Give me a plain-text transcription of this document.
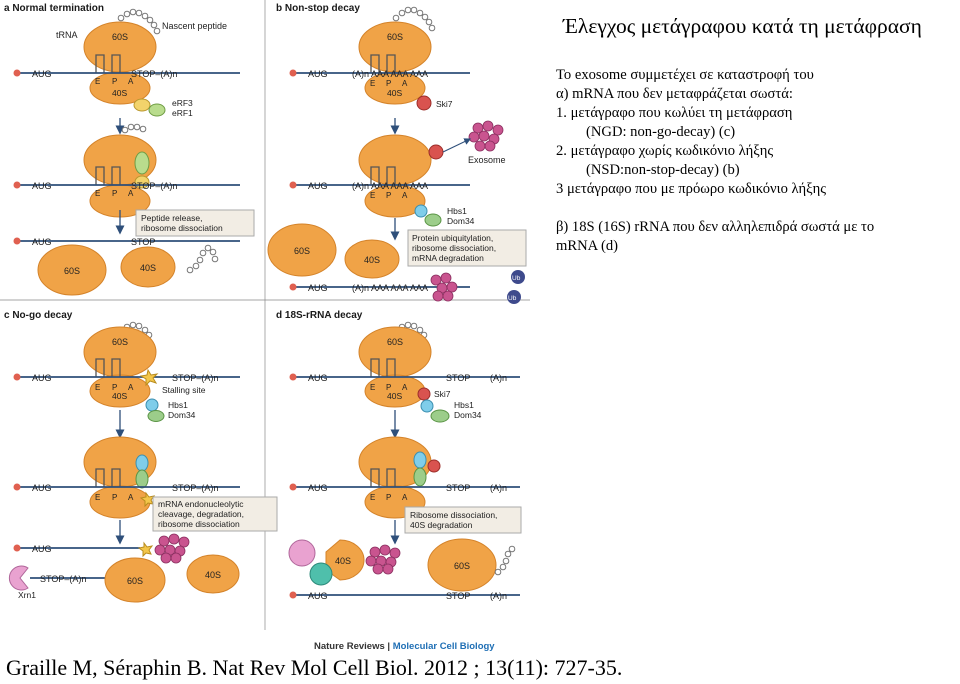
a Normal termination
tRNA
Nascent peptide
60S
40S
E P A
AUG	STOP–(A)n
eRF3
eRF1
AUG	STOP–(A)n
E P A
Peptide release,
ribosome dissociation
AUG	STOP
60S	40S
b Non-stop decay
60S
40S
AUG	(A)n AAA AAA AAA
E P A
Ski7
Exosome
AUG	(A)n AAA AAA AAA
E P A
Hbs1
Dom34
Protein ubiquitylation,
ribosome dissociation,
mRNA degradation
60S
40S
AUG	(A)n AAA AAA AAA
Ub
Ub
c No-go decay
60S
40S
AUG	STOP–(A)n
E P A	Stalling site
Hbs1
Dom34
AUG	STOP–(A)n
E P A
mRNA endonucleolytic
cleavage, degradation,
ribosome dissociation
AUG
STOP–(A)n
Xrn1
60S
40S
d 18S-rRNA decay
60S
40S
AUG	STOP (A)n
E P A
Ski7
Hbs1
Dom34
AUG	STOP (A)n
E P A
Ribosome dissociation,
40S degradation
40S	60S
AUG	STOP (A)n
Nature Reviews | Molecular Cell Biology
Έλεγχος μετάγραφου κατά τη μετάφραση
Το exosome συμμετέχει σε καταστροφή του
α) mRNA που δεν μεταφράζεται σωστά:
1. μετάγραφο που κωλύει τη μετάφραση
(NGD: non-go-decay) (c)
2. μετάγραφο χωρίς κωδικόνιο λήξης
(NSD:non-stop-decay) (b)
3 μετάγραφο που με πρόωρο κωδικόνιο λήξης
β) 18S (16S) rRNA που δεν αλληλεπιδρά σωστά με το
mRNA (d)
Graille M, Séraphin B. Nat Rev Mol Cell Biol. 2012 ; 13(11): 727-35.
